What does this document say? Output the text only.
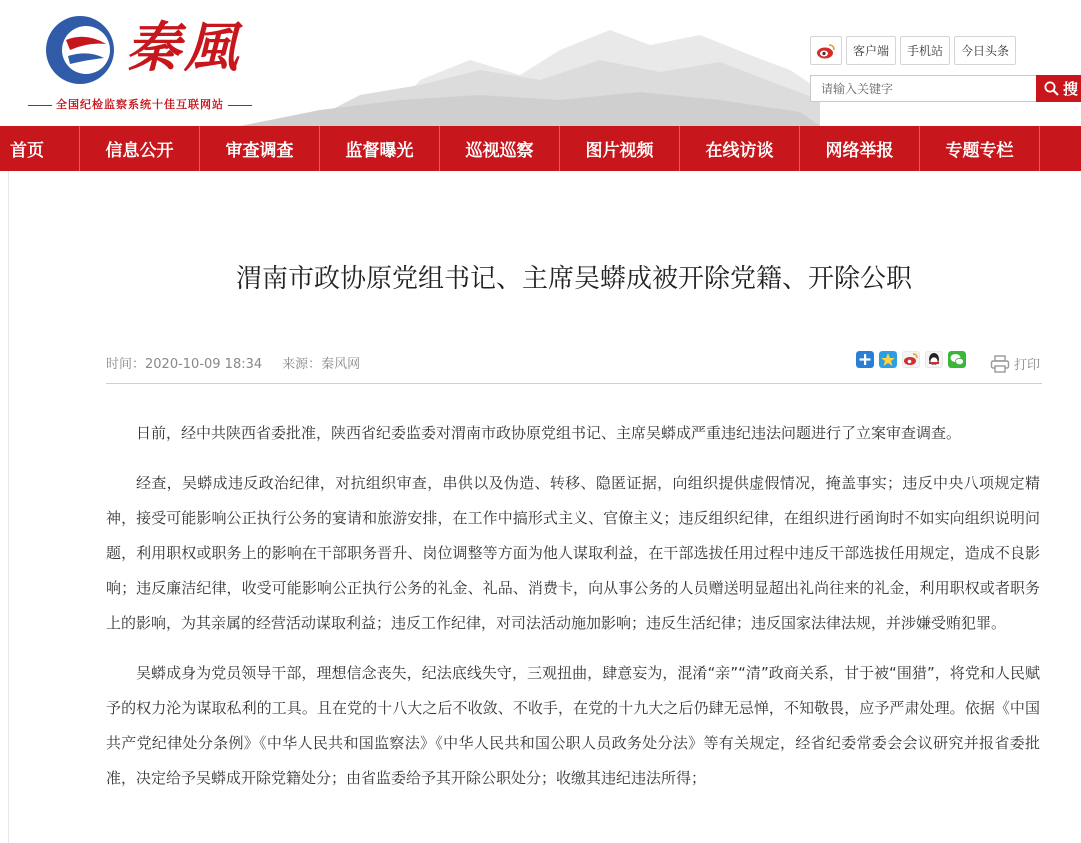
秦風
全国纪检监察系统十佳互联网站
客户端	手机站	今日头条
请输入关键字
搜
首页	信息公开	审查调查	监督曝光	巡视巡察	图片视频	在线访谈	网络举报	专题专栏
渭南市政协原党组书记、主席吴蟒成被开除党籍、开除公职
时间：2020-10-09 18:34 来源：秦风网	打印

日前，经中共陕西省委批准，陕西省纪委监委对渭南市政协原党组书记、主席吴蟒成严重违纪违法问题进行了立案审查调查。

经查，吴蟒成违反政治纪律，对抗组织审查，串供以及伪造、转移、隐匿证据，向组织提供虚假情况，掩盖事实；违反中央八项规定精神，接受可能影响公正执行公务的宴请和旅游安排，在工作中搞形式主义、官僚主义；违反组织纪律，在组织进行函询时不如实向组织说明问题，利用职权或职务上的影响在干部职务晋升、岗位调整等方面为他人谋取利益，在干部选拔任用过程中违反干部选拔任用规定，造成不良影响；违反廉洁纪律，收受可能影响公正执行公务的礼金、礼品、消费卡，向从事公务的人员赠送明显超出礼尚往来的礼金，利用职权或者职务上的影响，为其亲属的经营活动谋取利益；违反工作纪律，对司法活动施加影响；违反生活纪律；违反国家法律法规，并涉嫌受贿犯罪。

吴蟒成身为党员领导干部，理想信念丧失，纪法底线失守，三观扭曲，肆意妄为，混淆“亲”“清”政商关系，甘于被“围猎”，将党和人民赋予的权力沦为谋取私利的工具。且在党的十八大之后不收敛、不收手，在党的十九大之后仍肆无忌惮，不知敬畏，应予严肃处理。依据《中国共产党纪律处分条例》《中华人民共和国监察法》《中华人民共和国公职人员政务处分法》等有关规定，经省纪委常委会会议研究并报省委批准，决定给予吴蟒成开除党籍处分；由省监委给予其开除公职处分；收缴其违纪违法所得；
